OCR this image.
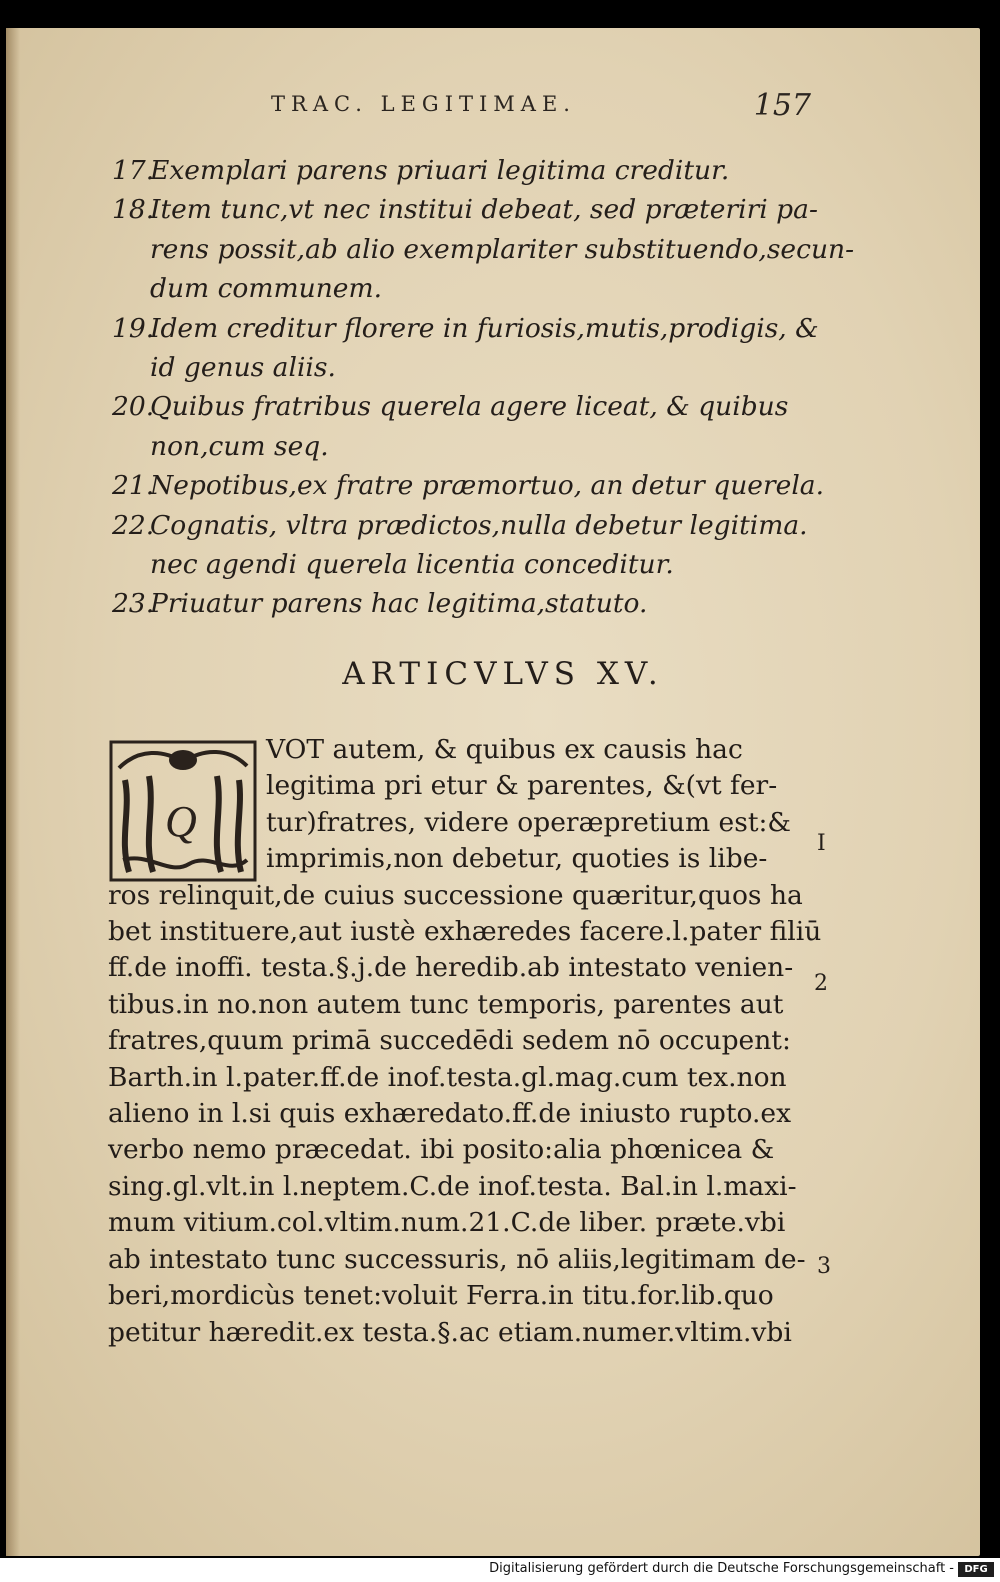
TRAC. LEGITIMAE.	157
17.Exemplari parens priuari legitima creditur.
18.Item tunc,vt nec institui debeat, sed præteriri pa-
rens possit,ab alio exemplariter substituendo,secun-
dum communem.
19.Idem creditur florere in furiosis,mutis,prodigis, &
id genus aliis.
20.Quibus fratribus querela agere liceat, & quibus
non,cum seq.
21.Nepotibus,ex fratre præmortuo, an detur querela.
22.Cognatis, vltra prædictos,nulla debetur legitima.
nec agendi querela licentia conceditur.
23.Priuatur parens hac legitima,statuto.
ARTICVLVS XV.
Q
VOT autem, & quibus ex causis hac
legitima pri etur & parentes, &(vt fer-
tur)fratres, videre operæpretium est:&
imprimis,non debetur, quoties is libe-
ros relinquit,de cuius successione quæritur,quos ha
bet instituere,aut iustè exhæredes facere.l.pater filiū
ff.de inoffi. testa.§.j.de heredib.ab intestato venien-
tibus.in no.non autem tunc temporis, parentes aut
fratres,quum primā succedēdi sedem nō occupent:
Barth.in l.pater.ff.de inof.testa.gl.mag.cum tex.non
alieno in l.si quis exhæredato.ff.de iniusto rupto.ex
verbo nemo præcedat. ibi posito:alia phœnicea &
sing.gl.vlt.in l.neptem.C.de inof.testa. Bal.in l.maxi-
mum vitium.col.vltim.num.21.C.de liber. præte.vbi
ab intestato tunc successuris, nō aliis,legitimam de-
beri,mordicùs tenet:voluit Ferra.in titu.for.lib.quo
petitur hæredit.ex testa.§.ac etiam.numer.vltim.vbi
I
2
3
Digitalisierung gefördert durch die Deutsche Forschungsgemeinschaft -	DFG
